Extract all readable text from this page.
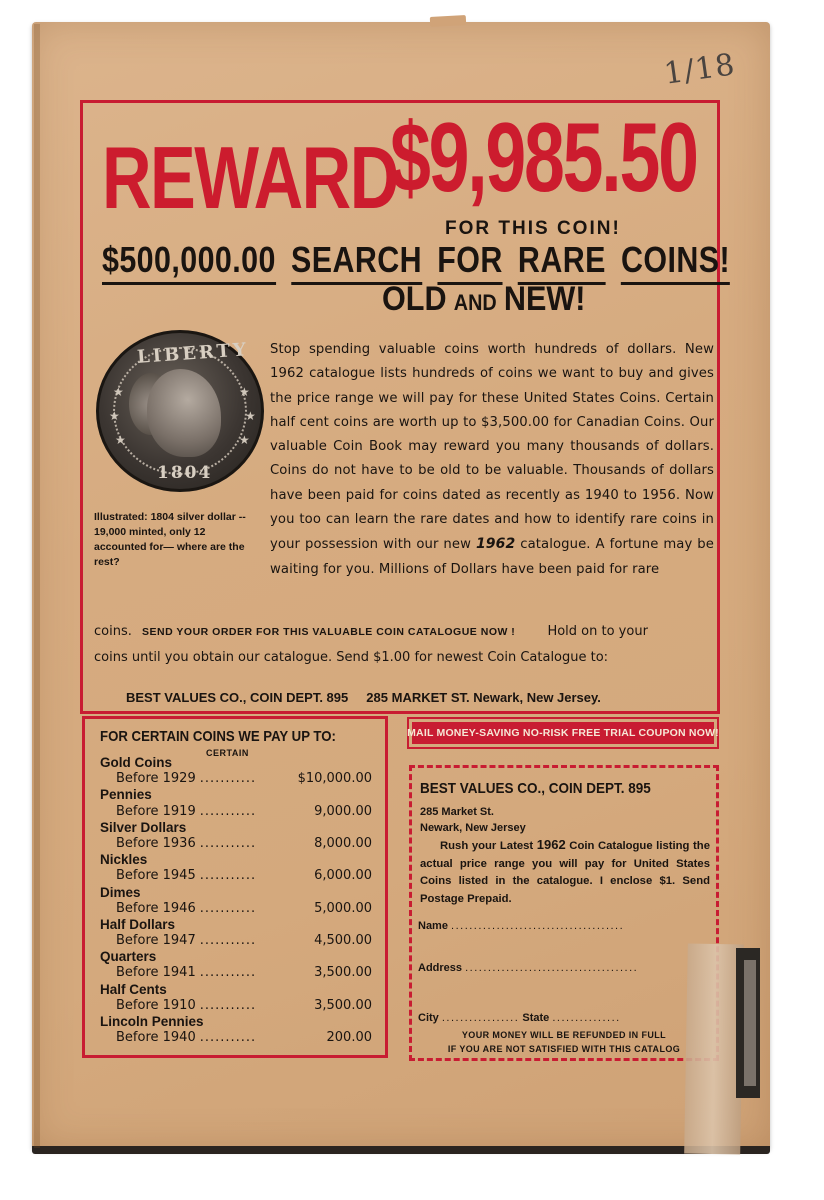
1/18
REWARD
$9,985.50
FOR THIS COIN!
$500,000.00 SEARCH FOR RARE COINS!
OLD AND NEW!
LIBERTY
★
★
★
★
★
★
1804
Illustrated: 1804 silver dollar -- 19,000 minted, only 12 accounted for— where are the rest?
Stop spending valuable coins worth hundreds of dollars. New 1962 catalogue lists hundreds of coins we want to buy and gives the price range we will pay for these United States Coins. Certain half cent coins are worth up to $3,500.00 for Canadian Coins. Our valuable Coin Book may reward you many thousands of dollars. Coins do not have to be old to be valuable. Thousands of dollars have been paid for coins dated as recently as 1940 to 1956. Now you too can learn the rare dates and how to identify rare coins in your possession with our new 1962 catalogue. A fortune may be waiting for you. Millions of Dollars have been paid for rare
coins. SEND YOUR ORDER FOR THIS VALUABLE COIN CATALOGUE NOW ! Hold on to your
coins until you obtain our catalogue. Send $1.00 for newest Coin Catalogue to:
BEST VALUES CO., COIN DEPT. 895     285 MARKET ST. Newark, New Jersey.
FOR CERTAIN COINS WE PAY UP TO:
CERTAIN
Gold Coins
Before 1929 ...........	$10,000.00
Pennies
Before 1919 ...........	9,000.00
Silver Dollars
Before 1936 ...........	8,000.00
Nickles
Before 1945 ...........	6,000.00
Dimes
Before 1946 ...........	5,000.00
Half Dollars
Before 1947 ...........	4,500.00
Quarters
Before 1941 ...........	3,500.00
Half Cents
Before 1910 ...........	3,500.00
Lincoln Pennies
Before 1940 ...........	200.00
MAIL MONEY-SAVING NO-RISK FREE TRIAL COUPON NOW!
BEST VALUES CO., COIN DEPT. 895
285 Market St.
Newark, New Jersey
Rush your Latest 1962 Coin Catalogue listing the actual price range you will pay for United States Coins listed in the catalogue. I enclose $1. Send Postage Prepaid.
Name ......................................
Address ......................................
City ................. State ...............
YOUR MONEY WILL BE REFUNDED IN FULL
IF YOU ARE NOT SATISFIED WITH THIS CATALOG
